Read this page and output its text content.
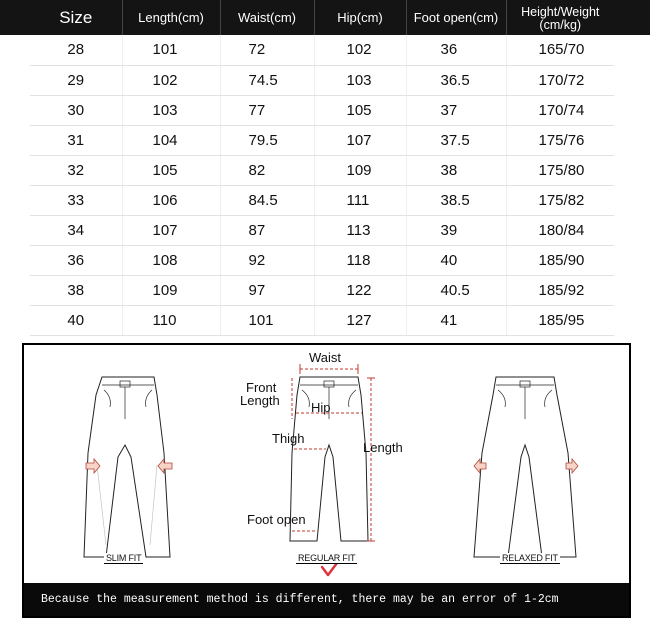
Size	Length(cm)	Waist(cm)	Hip(cm)	Foot open(cm)	Height/Weight
(cm/kg)

28	101	72	102	36	165/70
29	102	74.5	103	36.5	170/72
30	103	77	105	37	170/74
31	104	79.5	107	37.5	175/76
32	105	82	109	38	175/80
33	106	84.5	111	38.5	175/82
34	107	87	113	39	180/84
36	108	92	118	40	185/90
38	109	97	122	40.5	185/92
40	110	101	127	41	185/95
Waist
Front
Length Hip
Thigh
Length
Foot open
SLIM FIT	REGULAR FIT	RELAXED FIT
Because the measurement method is different, there may be an error of 1-2cm
